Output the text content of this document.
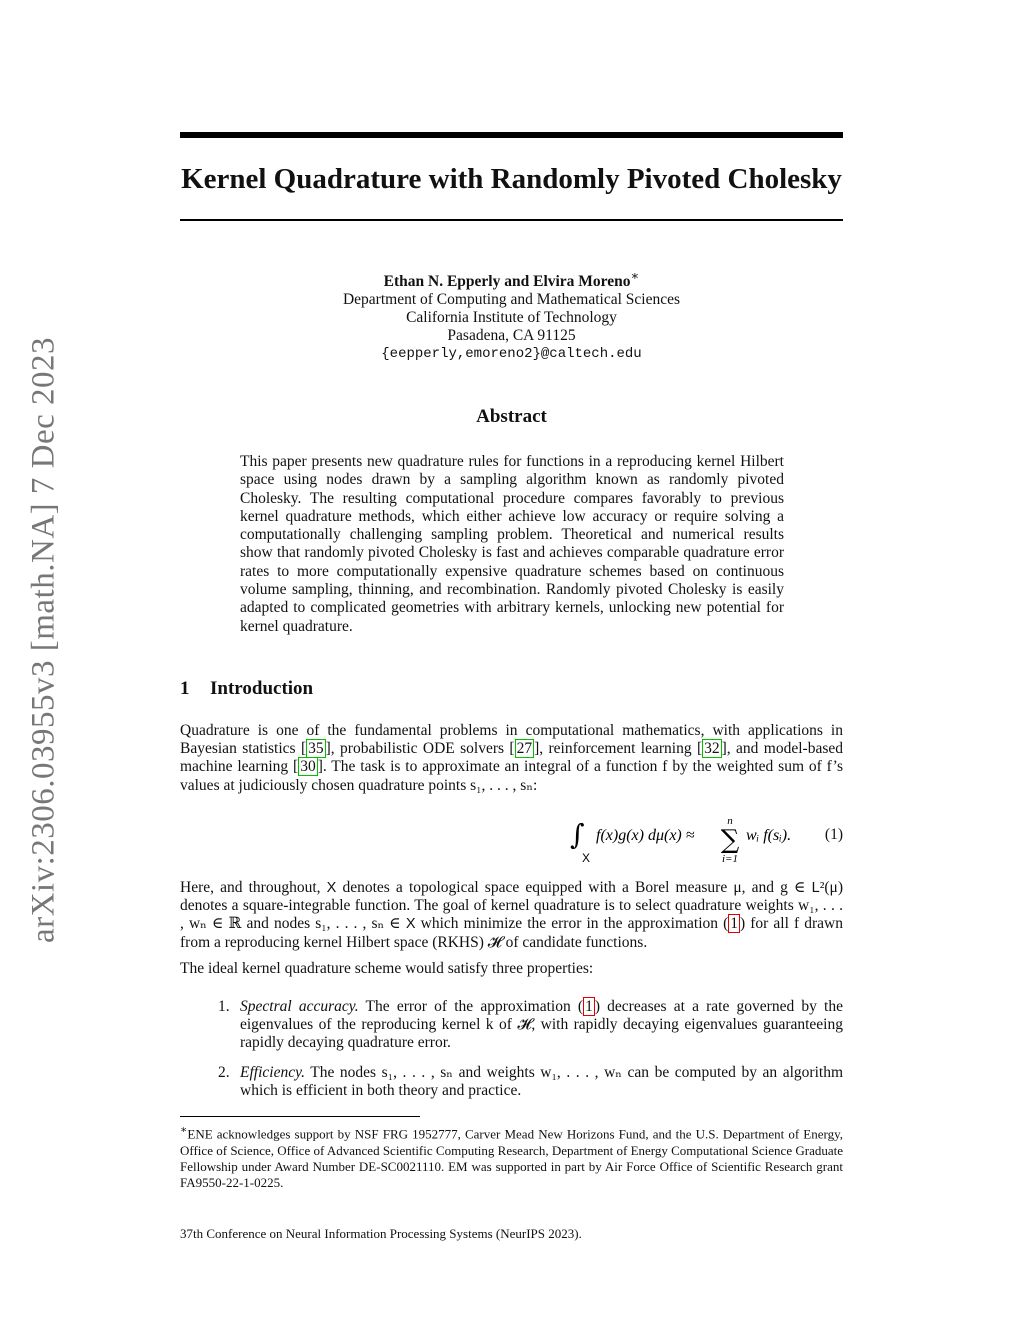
arXiv:2306.03955v3 [math.NA] 7 Dec 2023
Kernel Quadrature with Randomly Pivoted Cholesky
Ethan N. Epperly and Elvira Moreno∗
Department of Computing and Mathematical Sciences
California Institute of Technology
Pasadena, CA 91125
{eepperly,emoreno2}@caltech.edu
Abstract
This paper presents new quadrature rules for functions in a reproducing kernel Hilbert space using nodes drawn by a sampling algorithm known as randomly pivoted Cholesky. The resulting computational procedure compares favorably to previous kernel quadrature methods, which either achieve low accuracy or require solving a computationally challenging sampling problem. Theoretical and numerical results show that randomly pivoted Cholesky is fast and achieves comparable quadrature error rates to more computationally expensive quadrature schemes based on continuous volume sampling, thinning, and recombination. Randomly pivoted Cholesky is easily adapted to complicated geometries with arbitrary kernels, unlocking new potential for kernel quadrature.
1 Introduction
Quadrature is one of the fundamental problems in computational mathematics, with applications in Bayesian statistics [ 35 ], probabilistic ODE solvers [ 27 ], reinforcement learning [ 32 ], and model-based machine learning [ 30 ]. The task is to approximate an integral of a function f by the weighted sum of f’s values at judiciously chosen quadrature points s₁, . . . , sₙ:
∫
X
f(x)g(x) dμ(x) ≈
n
∑
i=1
wᵢ f(sᵢ). (1)
Here, and throughout, X denotes a topological space equipped with a Borel measure μ, and g ∈ L²(μ) denotes a square-integrable function. The goal of kernel quadrature is to select quadrature weights w₁, . . . , wₙ ∈ ℝ and nodes s₁, . . . , sₙ ∈ X which minimize the error in the approximation ( 1 ) for all f drawn from a reproducing kernel Hilbert space (RKHS) 𝓗 of candidate functions.
The ideal kernel quadrature scheme would satisfy three properties:
1. Spectral accuracy. The error of the approximation ( 1 ) decreases at a rate governed by the eigenvalues of the reproducing kernel k of 𝓗, with rapidly decaying eigenvalues guaranteeing rapidly decaying quadrature error.
2. Efficiency. The nodes s₁, . . . , sₙ and weights w₁, . . . , wₙ can be computed by an algorithm which is efficient in both theory and practice.
∗ENE acknowledges support by NSF FRG 1952777, Carver Mead New Horizons Fund, and the U.S. Department of Energy, Office of Science, Office of Advanced Scientific Computing Research, Department of Energy Computational Science Graduate Fellowship under Award Number DE-SC0021110. EM was supported in part by Air Force Office of Scientific Research grant FA9550-22-1-0225.
37th Conference on Neural Information Processing Systems (NeurIPS 2023).
